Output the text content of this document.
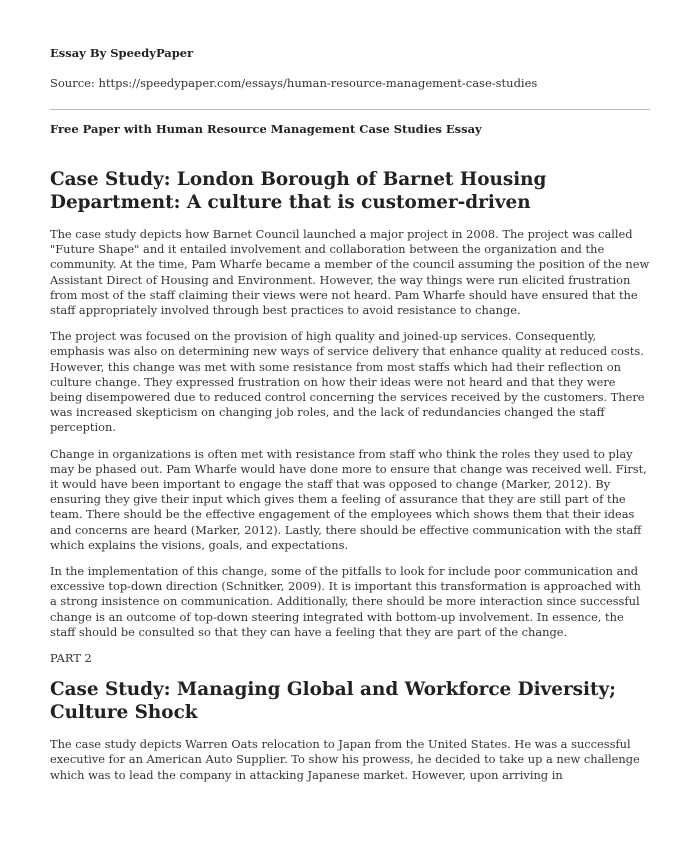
Essay By SpeedyPaper
Source: https://speedypaper.com/essays/human-resource-management-case-studies
Free Paper with Human Resource Management Case Studies Essay
Case Study: London Borough of Barnet Housing Department: A culture that is customer-driven

The case study depicts how Barnet Council launched a major project in 2008. The project was called "Future Shape" and it entailed involvement and collaboration between the organization and the community. At the time, Pam Wharfe became a member of the council assuming the position of the new Assistant Direct of Housing and Environment. However, the way things were run elicited frustration from most of the staff claiming their views were not heard. Pam Wharfe should have ensured that the staff appropriately involved through best practices to avoid resistance to change.

The project was focused on the provision of high quality and joined-up services. Consequently, emphasis was also on determining new ways of service delivery that enhance quality at reduced costs. However, this change was met with some resistance from most staffs which had their reflection on culture change. They expressed frustration on how their ideas were not heard and that they were being disempowered due to reduced control concerning the services received by the customers. There was increased skepticism on changing job roles, and the lack of redundancies changed the staff perception.

Change in organizations is often met with resistance from staff who think the roles they used to play may be phased out. Pam Wharfe would have done more to ensure that change was received well. First, it would have been important to engage the staff that was opposed to change (Marker, 2012). By ensuring they give their input which gives them a feeling of assurance that they are still part of the team. There should be the effective engagement of the employees which shows them that their ideas and concerns are heard (Marker, 2012). Lastly, there should be effective communication with the staff which explains the visions, goals, and expectations.

In the implementation of this change, some of the pitfalls to look for include poor communication and excessive top-down direction (Schnitker, 2009). It is important this transformation is approached with a strong insistence on communication. Additionally, there should be more interaction since successful change is an outcome of top-down steering integrated with bottom-up involvement. In essence, the staff should be consulted so that they can have a feeling that they are part of the change.

PART 2

Case Study: Managing Global and Workforce Diversity; Culture Shock

The case study depicts Warren Oats relocation to Japan from the United States. He was a successful executive for an American Auto Supplier. To show his prowess, he decided to take up a new challenge which was to lead the company in attacking Japanese market. However, upon arriving in
